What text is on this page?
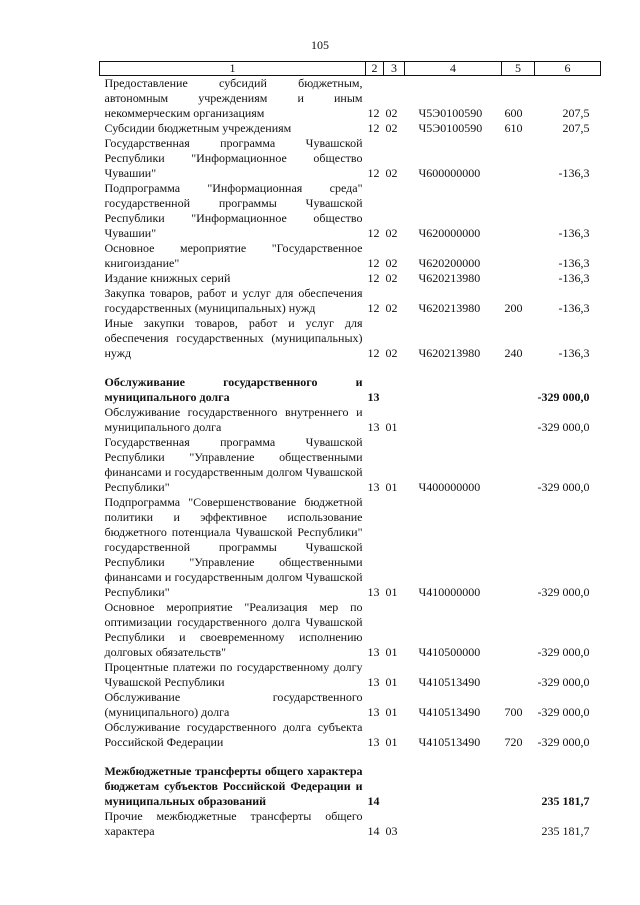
105
1	2	3	4	5	6
Предоставление субсидий бюджетным, автономным учреждениям и иным некоммерческим организациям	12	02	Ч5Э0100590	600	207,5
Субсидии бюджетным учреждениям	12	02	Ч5Э0100590	610	207,5
Государственная программа Чувашской Республики "Информационное общество Чувашии"	12	02	Ч600000000		-136,3
Подпрограмма "Информационная среда" государственной программы Чувашской Республики "Информационное общество Чувашии"	12	02	Ч620000000		-136,3
Основное мероприятие "Государственное книгоиздание"	12	02	Ч620200000		-136,3
Издание книжных серий	12	02	Ч620213980		-136,3
Закупка товаров, работ и услуг для обеспечения государственных (муниципальных) нужд	12	02	Ч620213980	200	-136,3
Иные закупки товаров, работ и услуг для обеспечения государственных (муниципальных) нужд	12	02	Ч620213980	240	-136,3

Обслуживание государственного и муниципального долга	13				-329 000,0
Обслуживание государственного внутреннего и муниципального долга	13	01			-329 000,0
Государственная программа Чувашской Республики "Управление общественными финансами и государственным долгом Чувашской Республики"	13	01	Ч400000000		-329 000,0
Подпрограмма "Совершенствование бюджетной политики и эффективное использование бюджетного потенциала Чувашской Республики" государственной программы Чувашской Республики "Управление общественными финансами и государственным долгом Чувашской Республики"	13	01	Ч410000000		-329 000,0
Основное мероприятие "Реализация мер по оптимизации государственного долга Чувашской Республики и своевременному исполнению долговых обязательств"	13	01	Ч410500000		-329 000,0
Процентные платежи по государственному долгу Чувашской Республики	13	01	Ч410513490		-329 000,0
Обслуживание государственного (муниципального) долга	13	01	Ч410513490	700	-329 000,0
Обслуживание государственного долга субъекта Российской Федерации	13	01	Ч410513490	720	-329 000,0

Межбюджетные трансферты общего характера бюджетам субъектов Российской Федерации и муниципальных образований	14				235 181,7
Прочие межбюджетные трансферты общего характера	14	03			235 181,7
